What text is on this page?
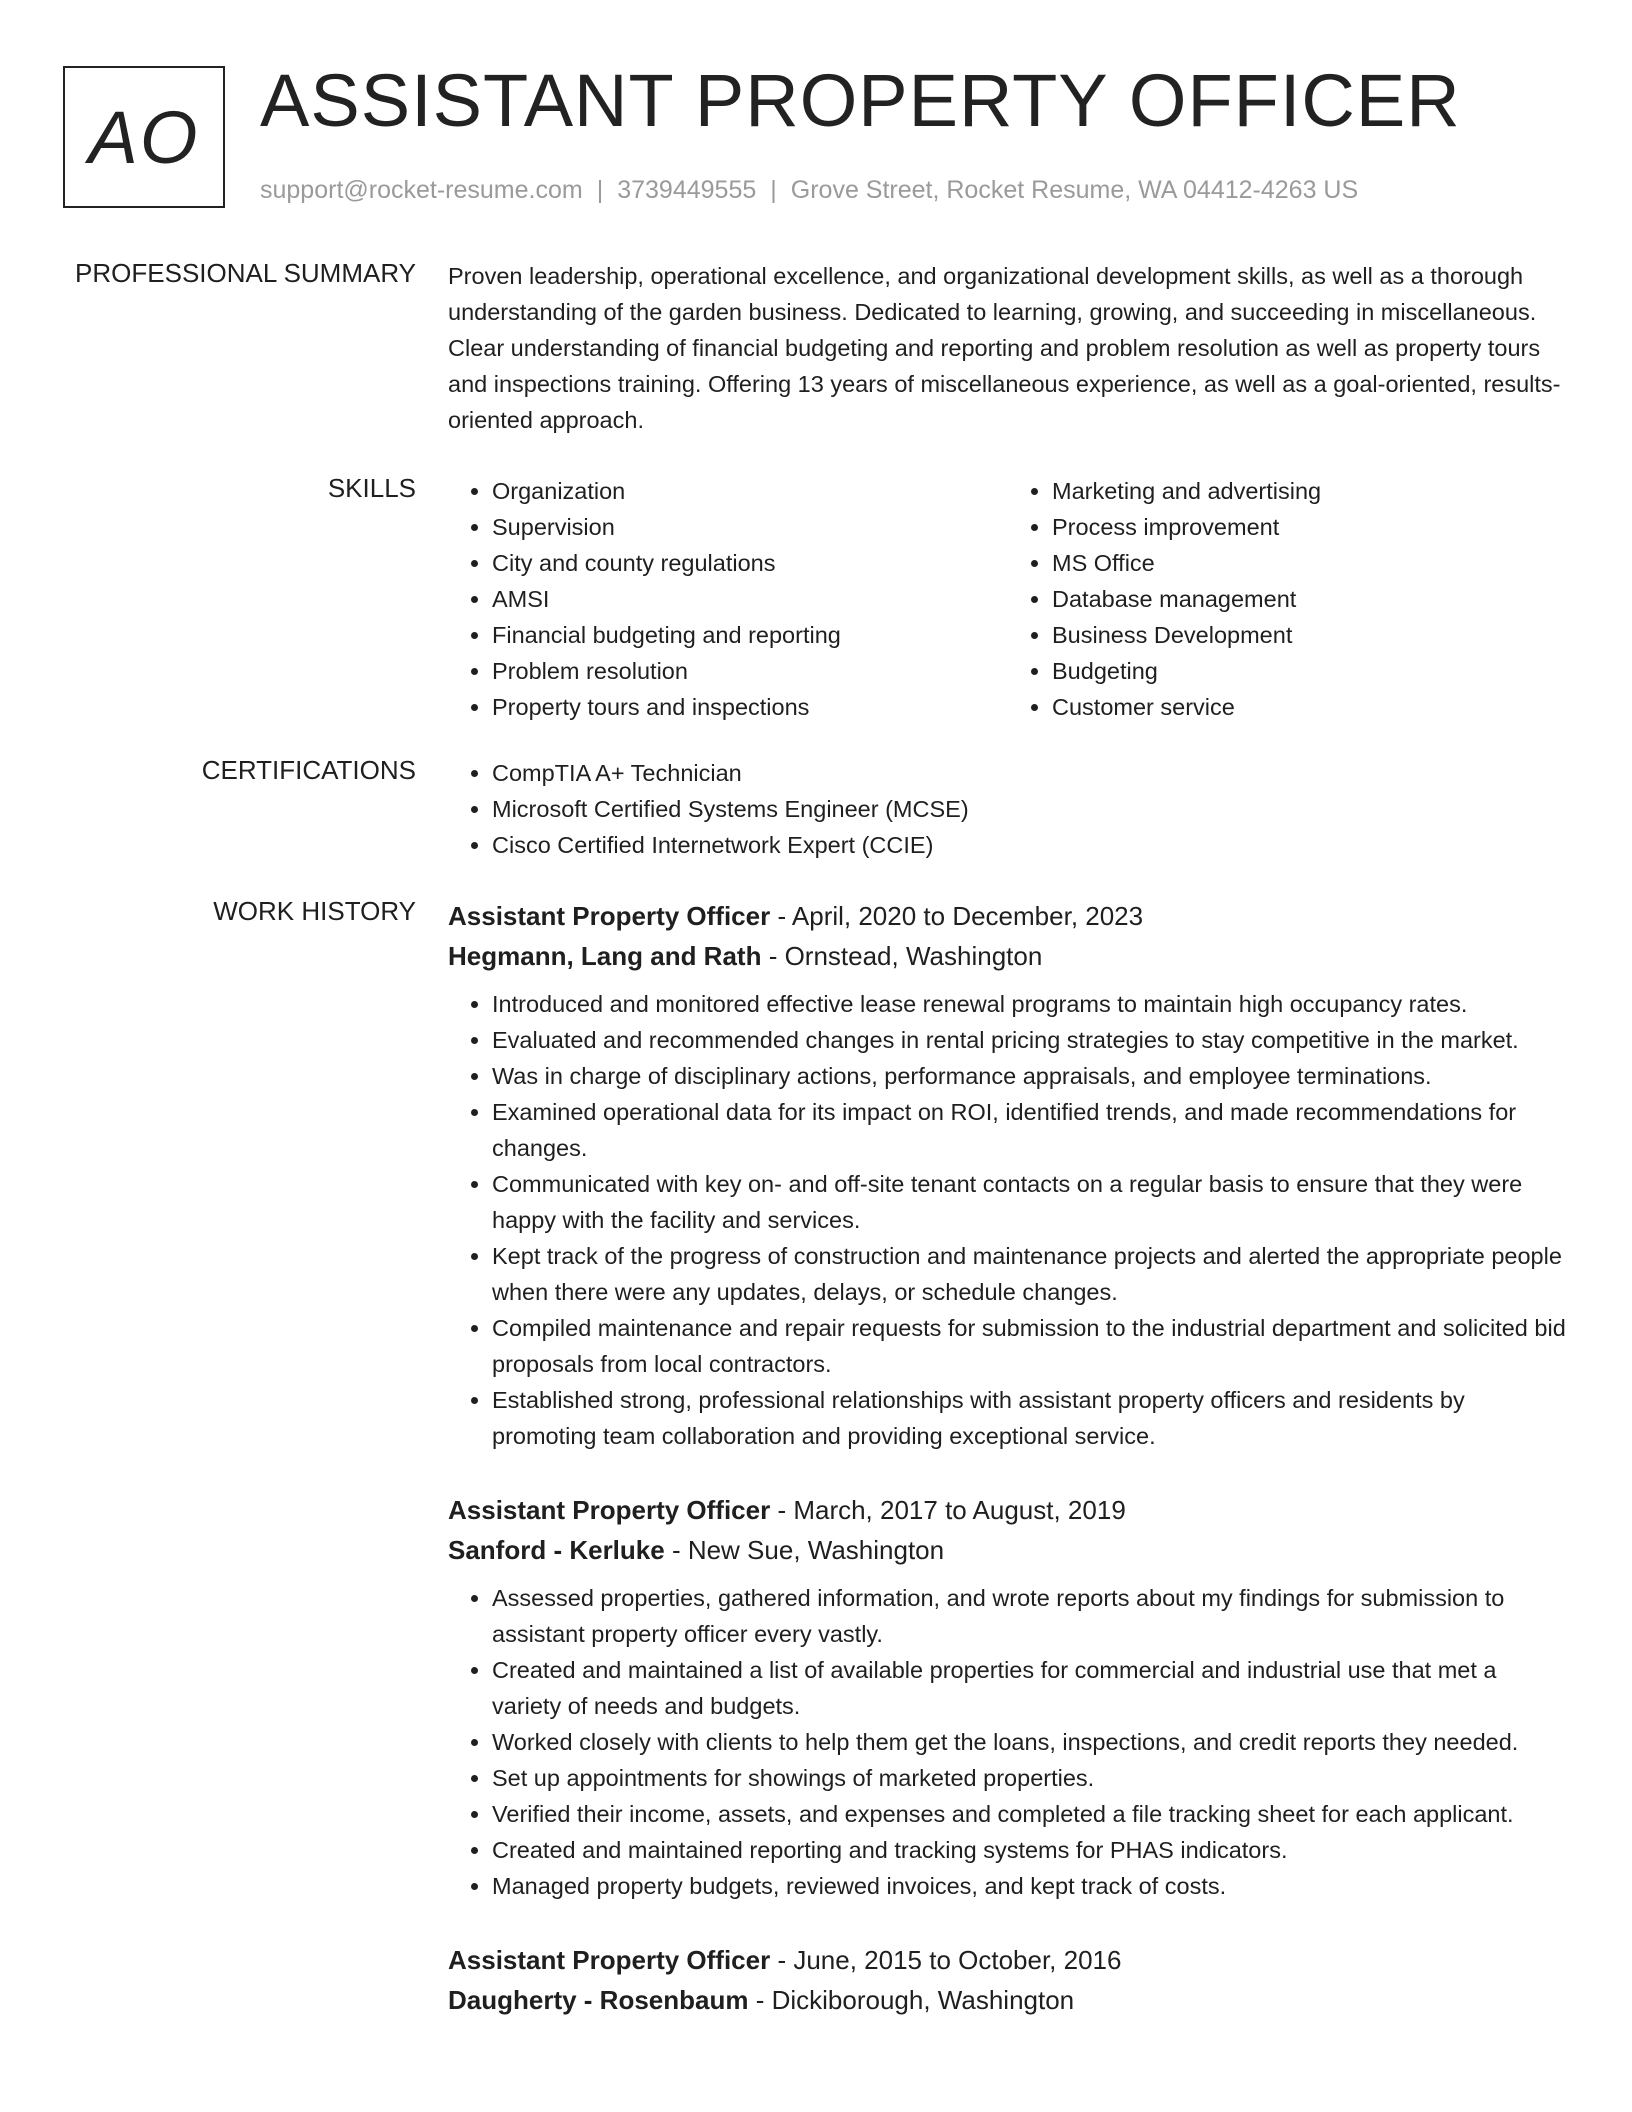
AO ASSISTANT PROPERTY OFFICER
support@rocket-resume.com | 3739449555 | Grove Street, Rocket Resume, WA 04412-4263 US
PROFESSIONAL SUMMARY Proven leadership, operational excellence, and organizational development skills, as well as a thorough understanding of the garden business. Dedicated to learning, growing, and succeeding in miscellaneous. Clear understanding of financial budgeting and reporting and problem resolution as well as property tours and inspections training. Offering 13 years of miscellaneous experience, as well as a goal-oriented, results-oriented approach.
SKILLS	• Organization
• Supervision
• City and county regulations
• AMSI
• Financial budgeting and reporting
• Problem resolution
• Property tours and inspections
• Marketing and advertising
• Process improvement
• MS Office
• Database management
• Business Development
• Budgeting
• Customer service
CERTIFICATIONS	• CompTIA A+ Technician
• Microsoft Certified Systems Engineer (MCSE)
• Cisco Certified Internetwork Expert (CCIE)
WORK HISTORY Assistant Property Officer - April, 2020 to December, 2023
Hegmann, Lang and Rath - Ornstead, Washington
• Introduced and monitored effective lease renewal programs to maintain high occupancy rates.
• Evaluated and recommended changes in rental pricing strategies to stay competitive in the market.
• Was in charge of disciplinary actions, performance appraisals, and employee terminations.
• Examined operational data for its impact on ROI, identified trends, and made recommendations for changes.
• Communicated with key on- and off-site tenant contacts on a regular basis to ensure that they were happy with the facility and services.
• Kept track of the progress of construction and maintenance projects and alerted the appropriate people when there were any updates, delays, or schedule changes.
• Compiled maintenance and repair requests for submission to the industrial department and solicited bid proposals from local contractors.
• Established strong, professional relationships with assistant property officers and residents by promoting team collaboration and providing exceptional service.
Assistant Property Officer - March, 2017 to August, 2019
Sanford - Kerluke - New Sue, Washington
• Assessed properties, gathered information, and wrote reports about my findings for submission to assistant property officer every vastly.
• Created and maintained a list of available properties for commercial and industrial use that met a variety of needs and budgets.
• Worked closely with clients to help them get the loans, inspections, and credit reports they needed.
• Set up appointments for showings of marketed properties.
• Verified their income, assets, and expenses and completed a file tracking sheet for each applicant.
• Created and maintained reporting and tracking systems for PHAS indicators.
• Managed property budgets, reviewed invoices, and kept track of costs.
Assistant Property Officer - June, 2015 to October, 2016
Daugherty - Rosenbaum - Dickiborough, Washington
